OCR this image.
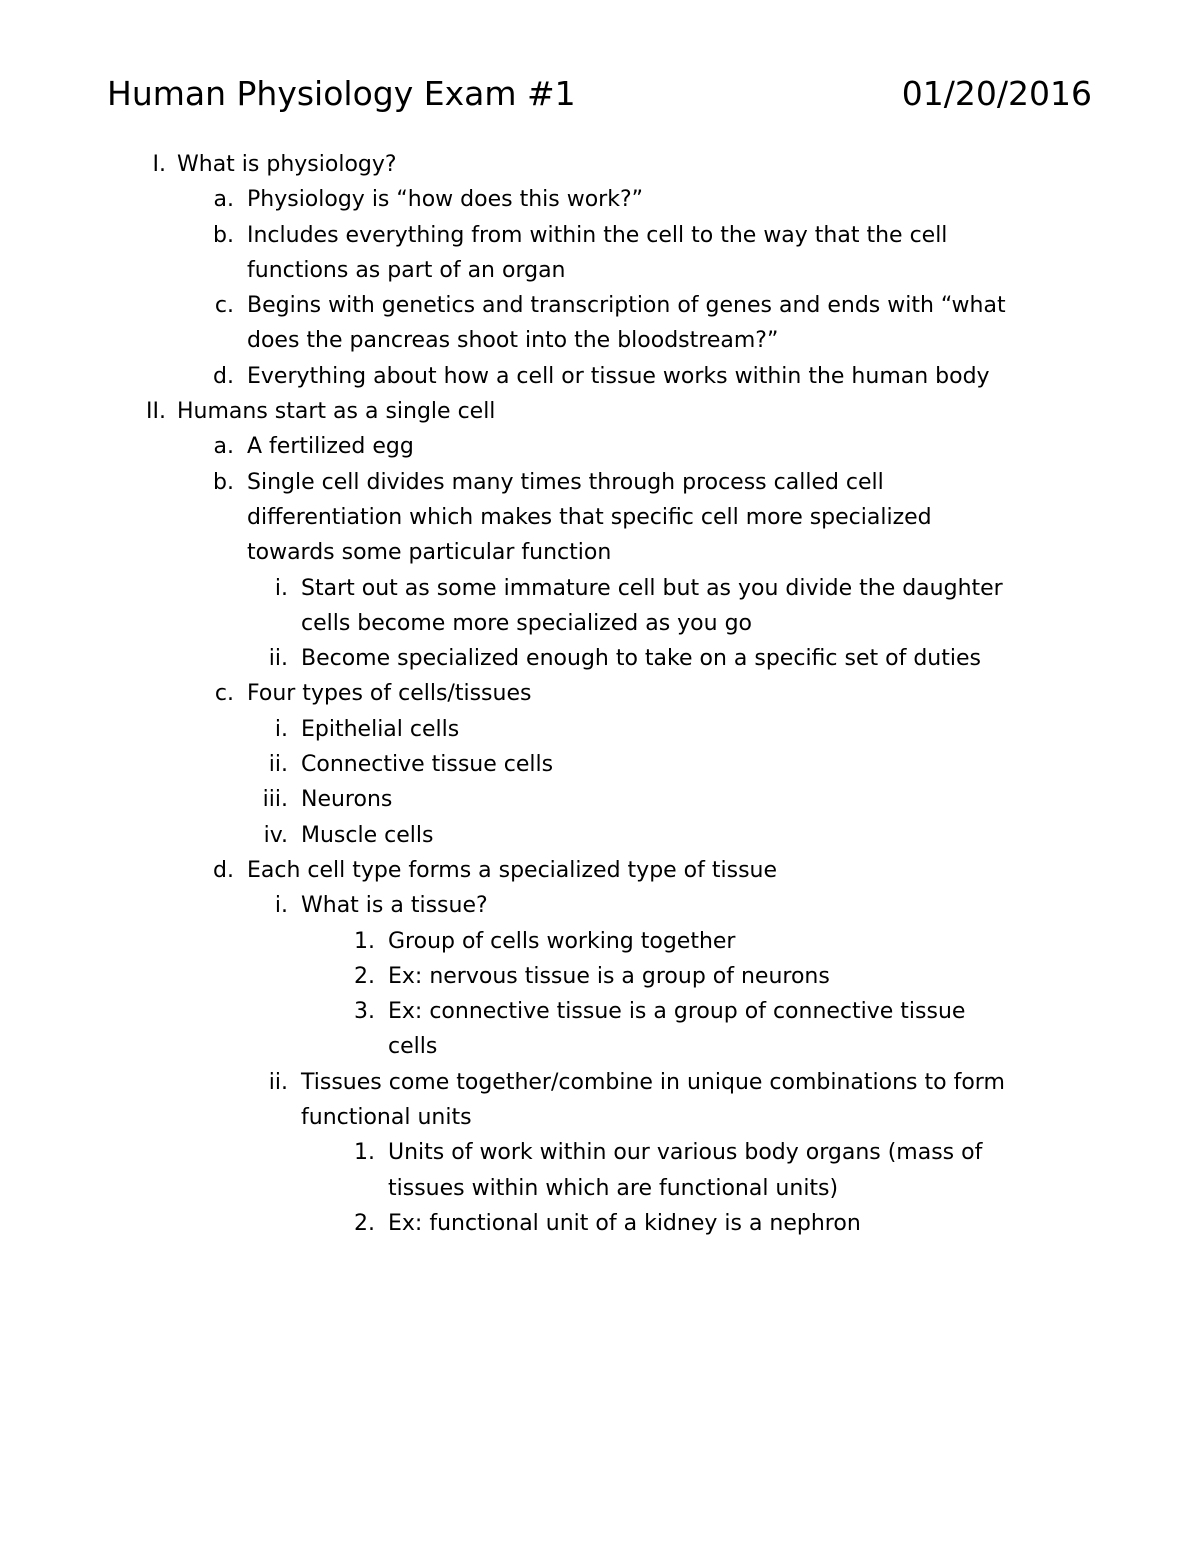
Human Physiology Exam #1	01/20/2016
I. What is physiology?
a. Physiology is “how does this work?”
b. Includes everything from within the cell to the way that the cell
functions as part of an organ
c. Begins with genetics and transcription of genes and ends with “what
does the pancreas shoot into the bloodstream?”
d. Everything about how a cell or tissue works within the human body
II. Humans start as a single cell
a. A fertilized egg
b. Single cell divides many times through process called cell
differentiation which makes that specific cell more specialized
towards some particular function
i. Start out as some immature cell but as you divide the daughter
cells become more specialized as you go
ii. Become specialized enough to take on a specific set of duties
c. Four types of cells/tissues
i. Epithelial cells
ii. Connective tissue cells
iii. Neurons
iv. Muscle cells
d. Each cell type forms a specialized type of tissue
i. What is a tissue?
1. Group of cells working together
2. Ex: nervous tissue is a group of neurons
3. Ex: connective tissue is a group of connective tissue
cells
ii. Tissues come together/combine in unique combinations to form
functional units
1. Units of work within our various body organs (mass of
tissues within which are functional units)
2. Ex: functional unit of a kidney is a nephron
